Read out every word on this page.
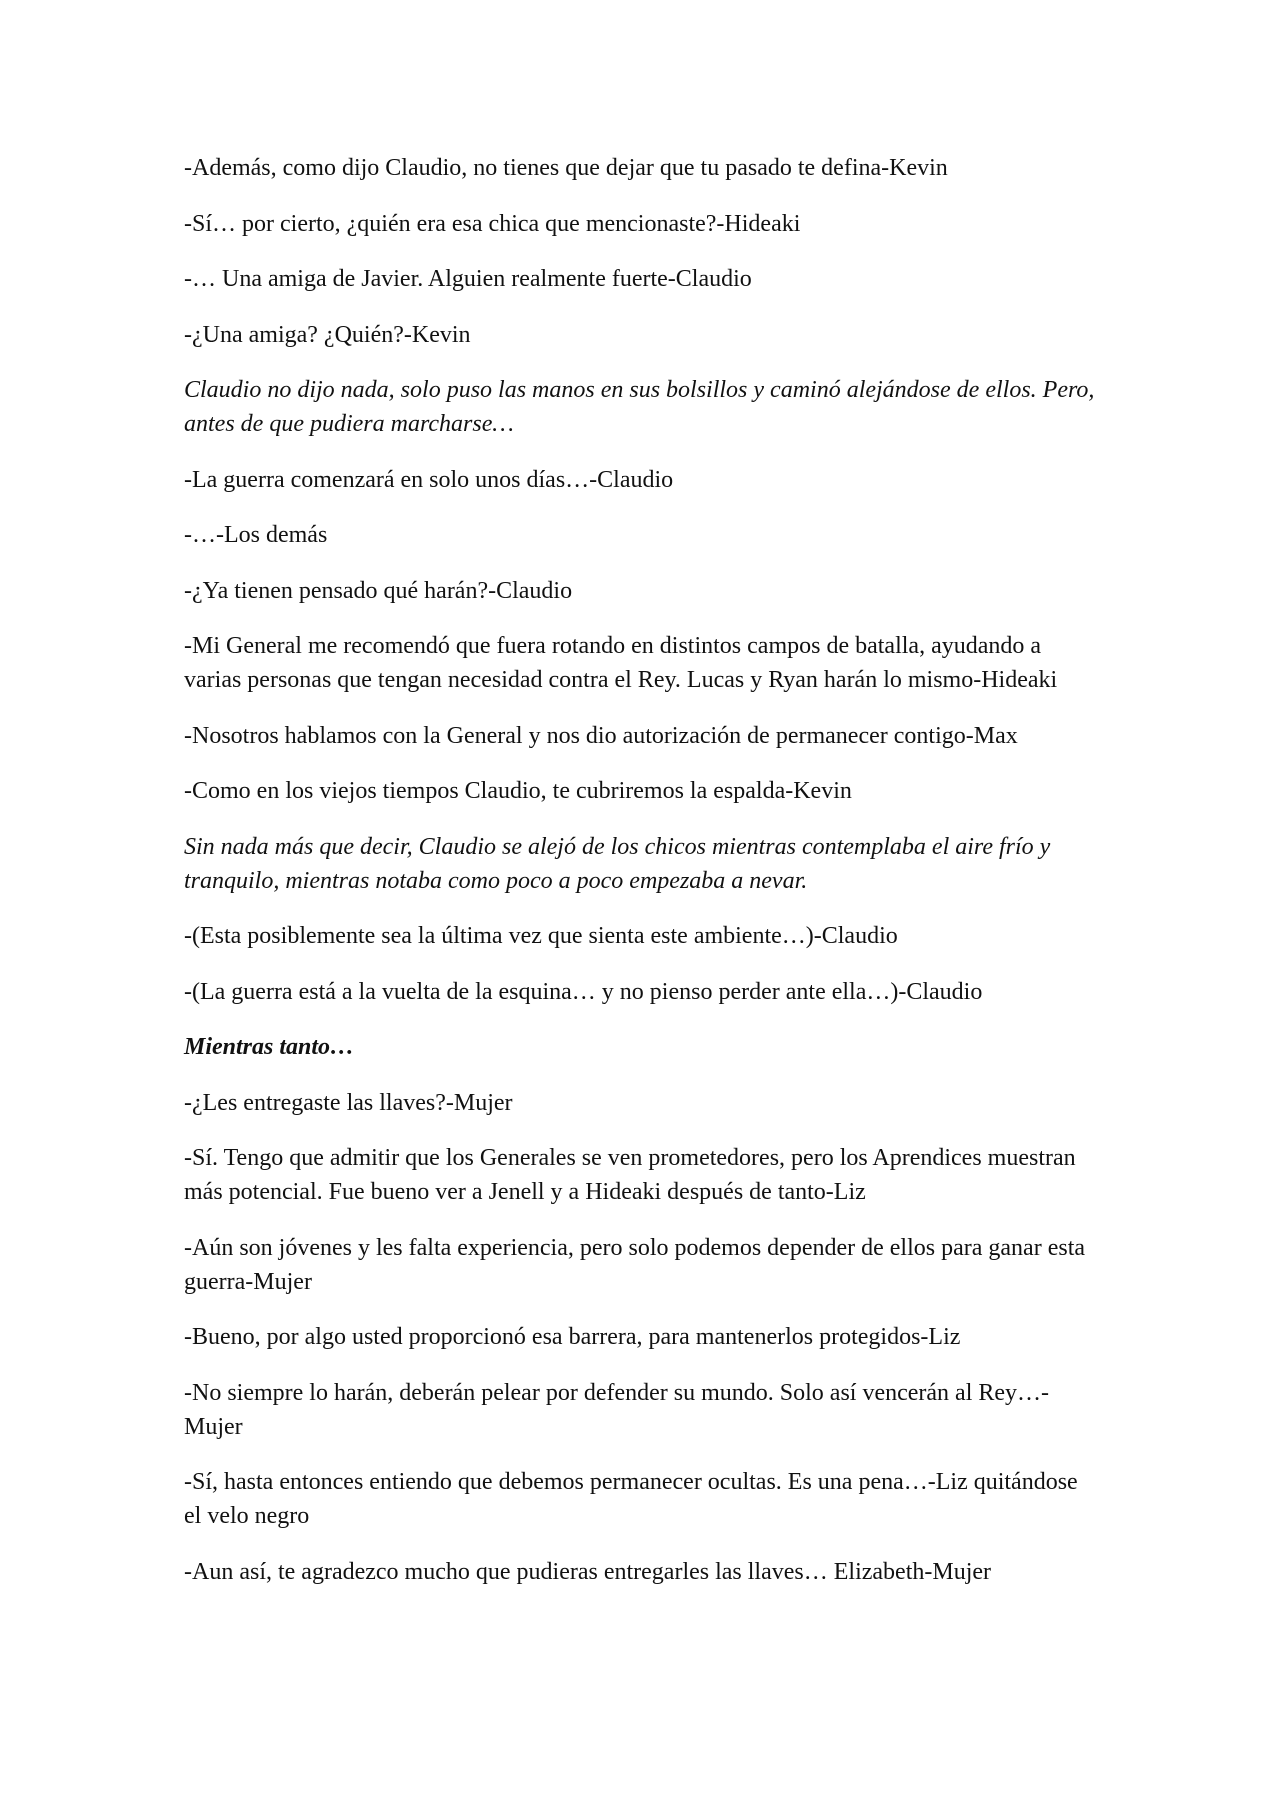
-Además, como dijo Claudio, no tienes que dejar que tu pasado te defina-Kevin

-Sí… por cierto, ¿quién era esa chica que mencionaste?-Hideaki

-… Una amiga de Javier. Alguien realmente fuerte-Claudio

-¿Una amiga? ¿Quién?-Kevin

Claudio no dijo nada, solo puso las manos en sus bolsillos y caminó alejándose de ellos. Pero, antes de que pudiera marcharse…

-La guerra comenzará en solo unos días…-Claudio

-…-Los demás

-¿Ya tienen pensado qué harán?-Claudio

-Mi General me recomendó que fuera rotando en distintos campos de batalla, ayudando a varias personas que tengan necesidad contra el Rey. Lucas y Ryan harán lo mismo-Hideaki

-Nosotros hablamos con la General y nos dio autorización de permanecer contigo-Max

-Como en los viejos tiempos Claudio, te cubriremos la espalda-Kevin

Sin nada más que decir, Claudio se alejó de los chicos mientras contemplaba el aire frío y tranquilo, mientras notaba como poco a poco empezaba a nevar.

-(Esta posiblemente sea la última vez que sienta este ambiente…)-Claudio

-(La guerra está a la vuelta de la esquina… y no pienso perder ante ella…)-Claudio

Mientras tanto…

-¿Les entregaste las llaves?-Mujer

-Sí. Tengo que admitir que los Generales se ven prometedores, pero los Aprendices muestran más potencial. Fue bueno ver a Jenell y a Hideaki después de tanto-Liz

-Aún son jóvenes y les falta experiencia, pero solo podemos depender de ellos para ganar esta guerra-Mujer

-Bueno, por algo usted proporcionó esa barrera, para mantenerlos protegidos-Liz

-No siempre lo harán, deberán pelear por defender su mundo. Solo así vencerán al Rey…-Mujer

-Sí, hasta entonces entiendo que debemos permanecer ocultas. Es una pena…-Liz quitándose el velo negro

-Aun así, te agradezco mucho que pudieras entregarles las llaves… Elizabeth-Mujer
